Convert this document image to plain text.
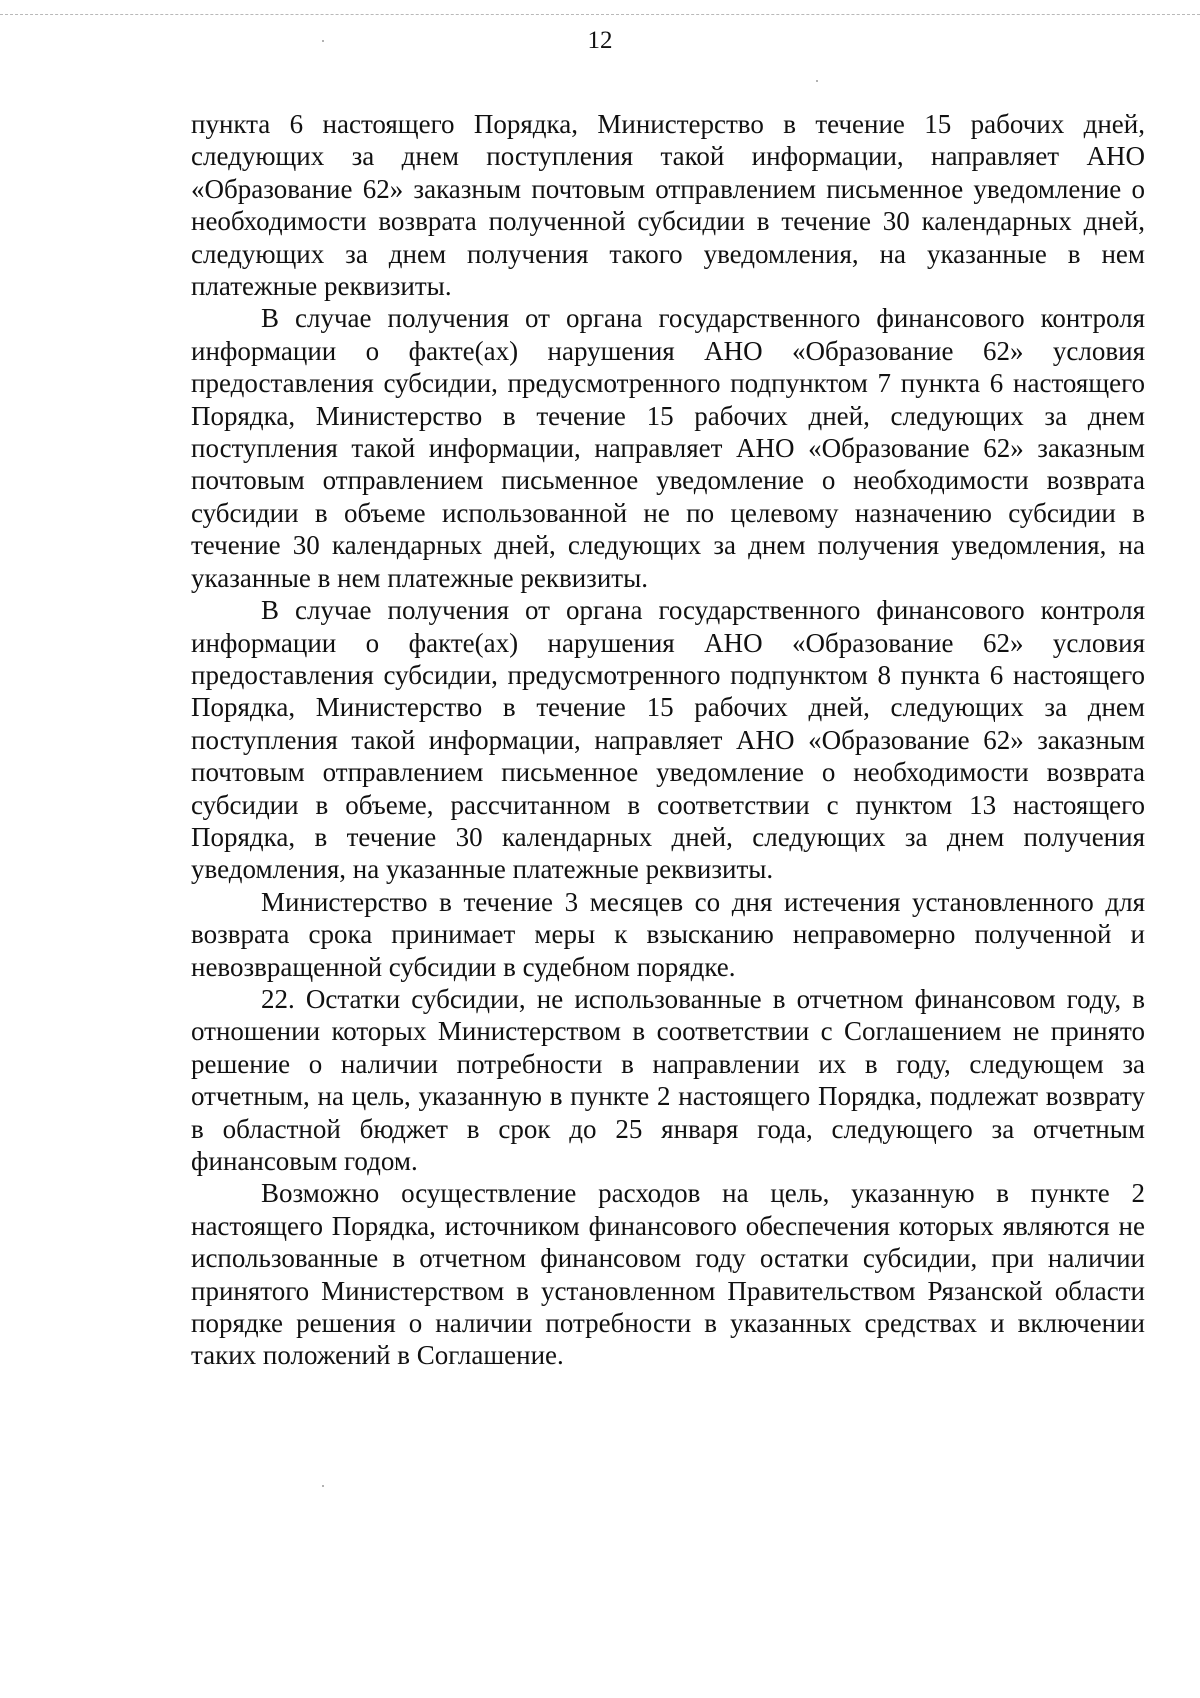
12

пункта 6 настоящего Порядка, Министерство в течение 15 рабочих дней, следующих за днем поступления такой информации, направляет АНО «Образование 62» заказным почтовым отправлением письменное уведомление о необходимости возврата полученной субсидии в течение 30 календарных дней, следующих за днем получения такого уведомления, на указанные в нем платежные реквизиты.

В случае получения от органа государственного финансового контроля информации о факте(ах) нарушения АНО «Образование 62» условия предоставления субсидии, предусмотренного подпунктом 7 пункта 6 настоящего Порядка, Министерство в течение 15 рабочих дней, следующих за днем поступления такой информации, направляет АНО «Образование 62» заказным почтовым отправлением письменное уведомление о необходимости возврата субсидии в объеме использованной не по целевому назначению субсидии в течение 30 календарных дней, следующих за днем получения уведомления, на указанные в нем платежные реквизиты.

В случае получения от органа государственного финансового контроля информации о факте(ах) нарушения АНО «Образование 62» условия предоставления субсидии, предусмотренного подпунктом 8 пункта 6 настоящего Порядка, Министерство в течение 15 рабочих дней, следующих за днем поступления такой информации, направляет АНО «Образование 62» заказным почтовым отправлением письменное уведомление о необходимости возврата субсидии в объеме, рассчитанном в соответствии с пунктом 13 настоящего Порядка, в течение 30 календарных дней, следующих за днем получения уведомления, на указанные платежные реквизиты.

Министерство в течение 3 месяцев со дня истечения установленного для возврата срока принимает меры к взысканию неправомерно полученной и невозвращенной субсидии в судебном порядке.

22. Остатки субсидии, не использованные в отчетном финансовом году, в отношении которых Министерством в соответствии с Соглашением не принято решение о наличии потребности в направлении их в году, следующем за отчетным, на цель, указанную в пункте 2 настоящего Порядка, подлежат возврату в областной бюджет в срок до 25 января года, следующего за отчетным финансовым годом.

Возможно осуществление расходов на цель, указанную в пункте 2 настоящего Порядка, источником финансового обеспечения которых являются не использованные в отчетном финансовом году остатки субсидии, при наличии принятого Министерством в установленном Правительством Рязанской области порядке решения о наличии потребности в указанных средствах и включении таких положений в Соглашение.
